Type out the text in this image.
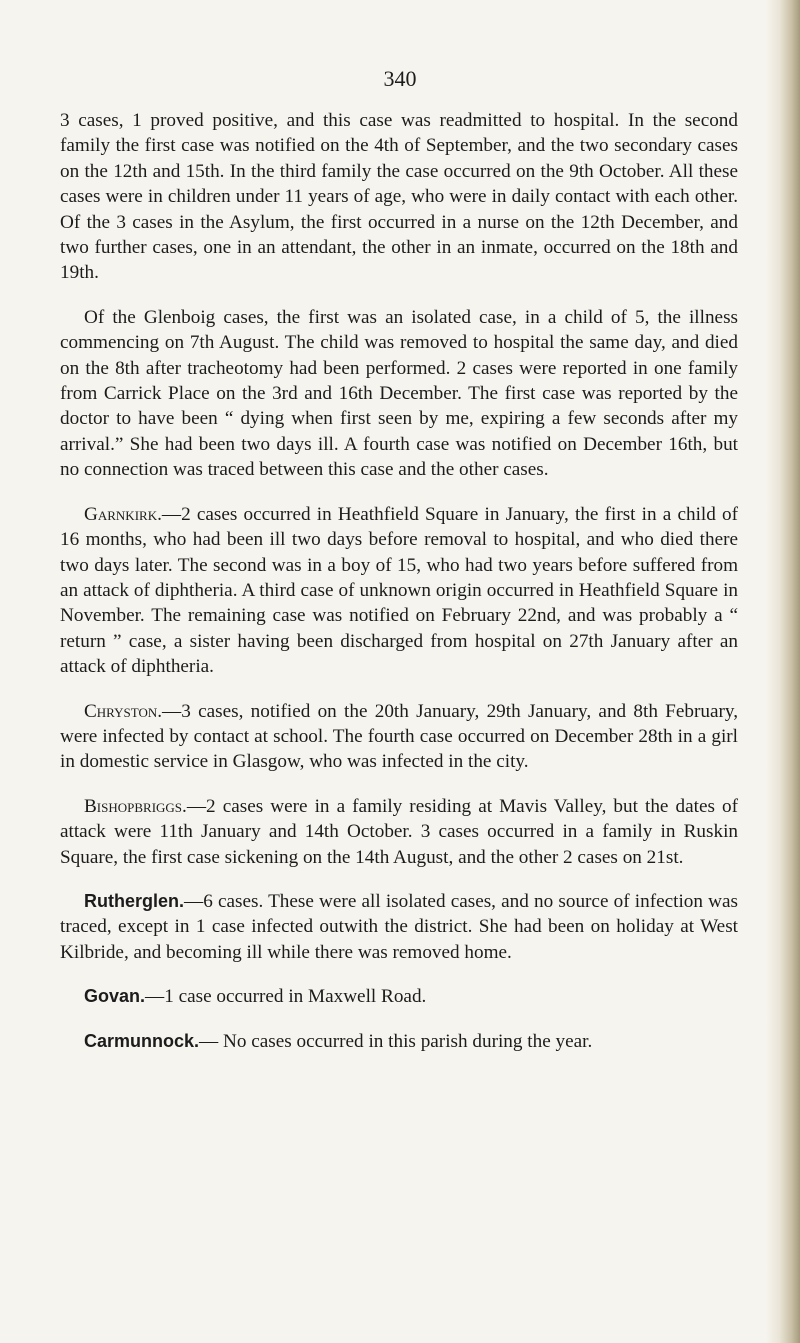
340

3 cases, 1 proved positive, and this case was readmitted to hospital. In the second family the first case was notified on the 4th of September, and the two secondary cases on the 12th and 15th. In the third family the case occurred on the 9th October. All these cases were in children under 11 years of age, who were in daily contact with each other. Of the 3 cases in the Asylum, the first occurred in a nurse on the 12th December, and two further cases, one in an attendant, the other in an inmate, occurred on the 18th and 19th.

Of the Glenboig cases, the first was an isolated case, in a child of 5, the illness commencing on 7th August. The child was removed to hospital the same day, and died on the 8th after tracheotomy had been performed. 2 cases were reported in one family from Carrick Place on the 3rd and 16th December. The first case was reported by the doctor to have been “ dying when first seen by me, expiring a few seconds after my arrival.” She had been two days ill. A fourth case was notified on December 16th, but no connection was traced between this case and the other cases.

Garnkirk.—2 cases occurred in Heathfield Square in January, the first in a child of 16 months, who had been ill two days before removal to hospital, and who died there two days later. The second was in a boy of 15, who had two years before suffered from an attack of diphtheria. A third case of unknown origin occurred in Heathfield Square in November. The remaining case was notified on February 22nd, and was probably a “ return ” case, a sister having been discharged from hospital on 27th January after an attack of diphtheria.

Chryston.—3 cases, notified on the 20th January, 29th January, and 8th February, were infected by contact at school. The fourth case occurred on December 28th in a girl in domestic service in Glasgow, who was infected in the city.

Bishopbriggs.—2 cases were in a family residing at Mavis Valley, but the dates of attack were 11th January and 14th October. 3 cases occurred in a family in Ruskin Square, the first case sickening on the 14th August, and the other 2 cases on 21st.

Rutherglen.—6 cases. These were all isolated cases, and no source of infection was traced, except in 1 case infected outwith the district. She had been on holiday at West Kilbride, and becoming ill while there was removed home.

Govan.—1 case occurred in Maxwell Road.

Carmunnock.— No cases occurred in this parish during the year.
